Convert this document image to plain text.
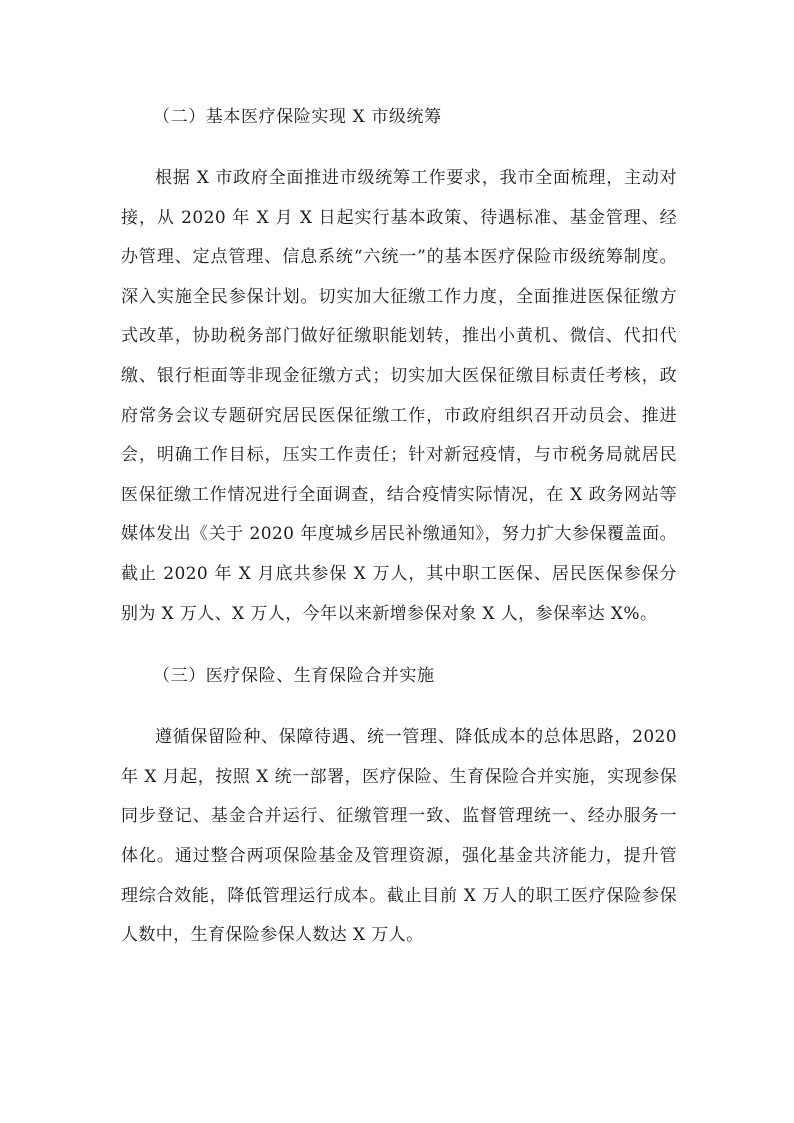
（二）基本医疗保险实现 X 市级统筹

根据 X 市政府全面推进市级统筹工作要求，我市全面梳理，主动对接，从 2020 年 X 月 X 日起实行基本政策、待遇标准、基金管理、经办管理、定点管理、信息系统“六统一”的基本医疗保险市级统筹制度。深入实施全民参保计划。切实加大征缴工作力度，全面推进医保征缴方式改革，协助税务部门做好征缴职能划转，推出小黄机、微信、代扣代缴、银行柜面等非现金征缴方式；切实加大医保征缴目标责任考核，政府常务会议专题研究居民医保征缴工作，市政府组织召开动员会、推进会，明确工作目标，压实工作责任；针对新冠疫情，与市税务局就居民医保征缴工作情况进行全面调查，结合疫情实际情况，在 X 政务网站等媒体发出《关于 2020 年度城乡居民补缴通知》，努力扩大参保覆盖面。截止 2020 年 X 月底共参保 X 万人，其中职工医保、居民医保参保分别为 X 万人、X 万人，今年以来新增参保对象 X 人，参保率达 X%。

（三）医疗保险、生育保险合并实施

遵循保留险种、保障待遇、统一管理、降低成本的总体思路，2020 年 X 月起，按照 X 统一部署，医疗保险、生育保险合并实施，实现参保同步登记、基金合并运行、征缴管理一致、监督管理统一、经办服务一体化。通过整合两项保险基金及管理资源，强化基金共济能力，提升管理综合效能，降低管理运行成本。截止目前 X 万人的职工医疗保险参保人数中，生育保险参保人数达 X 万人。
